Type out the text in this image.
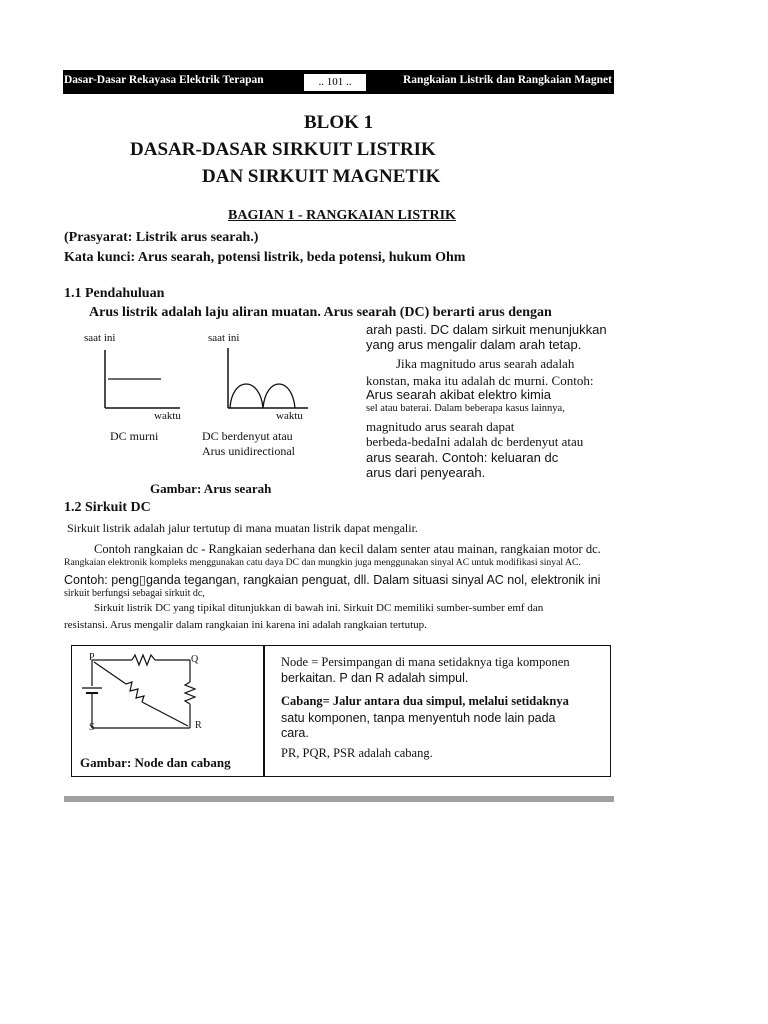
Dasar-Dasar Rekayasa Elektrik Terapan	.. 101 ..	Rangkaian Listrik dan Rangkaian Magnet
BLOK 1
DASAR-DASAR SIRKUIT LISTRIK
DAN SIRKUIT MAGNETIK
BAGIAN 1 - RANGKAIAN LISTRIK
(Prasyarat: Listrik arus searah.)
Kata kunci: Arus searah, potensi listrik, beda potensi, hukum Ohm
1.1 Pendahuluan
Arus listrik adalah laju aliran muatan. Arus searah (DC) berarti arus dengan
arah pasti. DC dalam sirkuit menunjukkan
yang arus mengalir dalam arah tetap.
Jika magnitudo arus searah adalah
konstan, maka itu adalah dc murni. Contoh:
Arus searah akibat elektro kimia
sel atau baterai. Dalam beberapa kasus lainnya,
magnitudo arus searah dapat
berbeda-bedaIni adalah dc berdenyut atau
arus searah. Contoh: keluaran dc
arus dari penyearah.
saat ini	saat ini
waktu	waktu
DC murni	DC berdenyut atau
Arus unidirectional
Gambar: Arus searah
1.2 Sirkuit DC
Sirkuit listrik adalah jalur tertutup di mana muatan listrik dapat mengalir.
Contoh rangkaian dc - Rangkaian sederhana dan kecil dalam senter atau mainan, rangkaian motor dc.
Rangkaian elektronik kompleks menggunakan catu daya DC dan mungkin juga menggunakan sinyal AC untuk modifikasi sinyal AC.
Contoh: peng▯ganda tegangan, rangkaian penguat, dll. Dalam situasi sinyal AC nol, elektronik ini
sirkuit berfungsi sebagai sirkuit dc,
Sirkuit listrik DC yang tipikal ditunjukkan di bawah ini. Sirkuit DC memiliki sumber-sumber emf dan
resistansi. Arus mengalir dalam rangkaian ini karena ini adalah rangkaian tertutup.
P	Q
S	R
Gambar: Node dan cabang
Node = Persimpangan di mana setidaknya tiga komponen
berkaitan. P dan R adalah simpul.
Cabang= Jalur antara dua simpul, melalui setidaknya
satu komponen, tanpa menyentuh node lain pada
cara.
PR, PQR, PSR adalah cabang.
